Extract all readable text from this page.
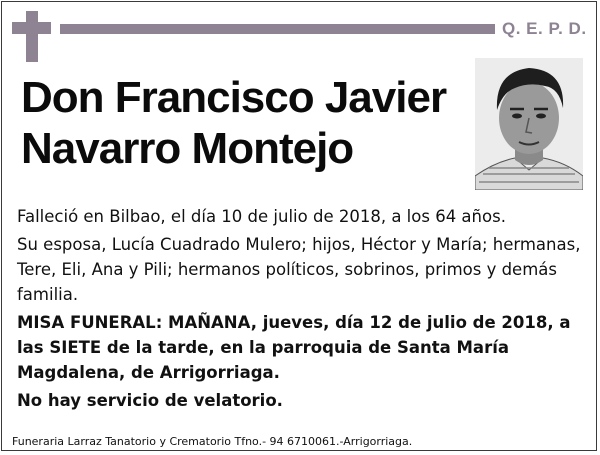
Q. E. P. D.
Don Francisco Javier
Navarro Montejo

Falleció en Bilbao, el día 10 de julio de 2018, a los 64 años.

Su esposa, Lucía Cuadrado Mulero; hijos, Héctor y María; hermanas, Tere, Eli, Ana y Pili; hermanos políticos, sobrinos, primos y demás familia.

MISA FUNERAL: MAÑANA, jueves, día 12 de julio de 2018, a las SIETE de la tarde, en la parroquia de Santa María Magdalena, de Arrigorriaga.

No hay servicio de velatorio.

Funeraria Larraz Tanatorio y Crematorio Tfno.- 94 6710061.-Arrigorriaga.
